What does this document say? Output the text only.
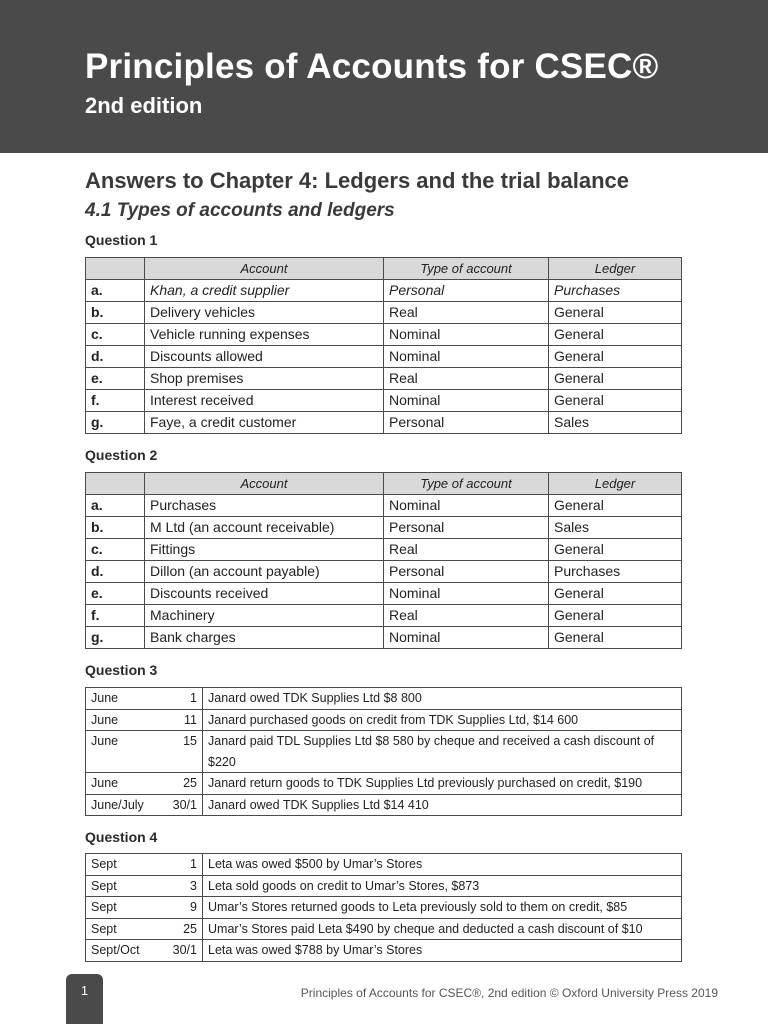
Principles of Accounts for CSEC®
2nd edition
Answers to Chapter 4: Ledgers and the trial balance
4.1 Types of accounts and ledgers
Question 1
	Account	Type of account	Ledger
a.	Khan, a credit supplier	Personal	Purchases
b.	Delivery vehicles	Real	General
c.	Vehicle running expenses	Nominal	General
d.	Discounts allowed	Nominal	General
e.	Shop premises	Real	General
f.	Interest received	Nominal	General
g.	Faye, a credit customer	Personal	Sales
Question 2
	Account	Type of account	Ledger
a.	Purchases	Nominal	General
b.	M Ltd (an account receivable)	Personal	Sales
c.	Fittings	Real	General
d.	Dillon (an account payable)	Personal	Purchases
e.	Discounts received	Nominal	General
f.	Machinery	Real	General
g.	Bank charges	Nominal	General
Question 3
June	1	Janard owed TDK Supplies Ltd $8 800
June	11	Janard purchased goods on credit from TDK Supplies Ltd, $14 600
June	15	Janard paid TDL Supplies Ltd $8 580 by cheque and received a cash discount of $220
June	25	Janard return goods to TDK Supplies Ltd previously purchased on credit, $190
June/July	30/1	Janard owed TDK Supplies Ltd $14 410
Question 4
Sept	1	Leta was owed $500 by Umar’s Stores
Sept	3	Leta sold goods on credit to Umar’s Stores, $873
Sept	9	Umar’s Stores returned goods to Leta previously sold to them on credit, $85
Sept	25	Umar’s Stores paid Leta $490 by cheque and deducted a cash discount of $10
Sept/Oct	30/1	Leta was owed $788 by Umar’s Stores
1	Principles of Accounts for CSEC®, 2nd edition © Oxford University Press 2019
